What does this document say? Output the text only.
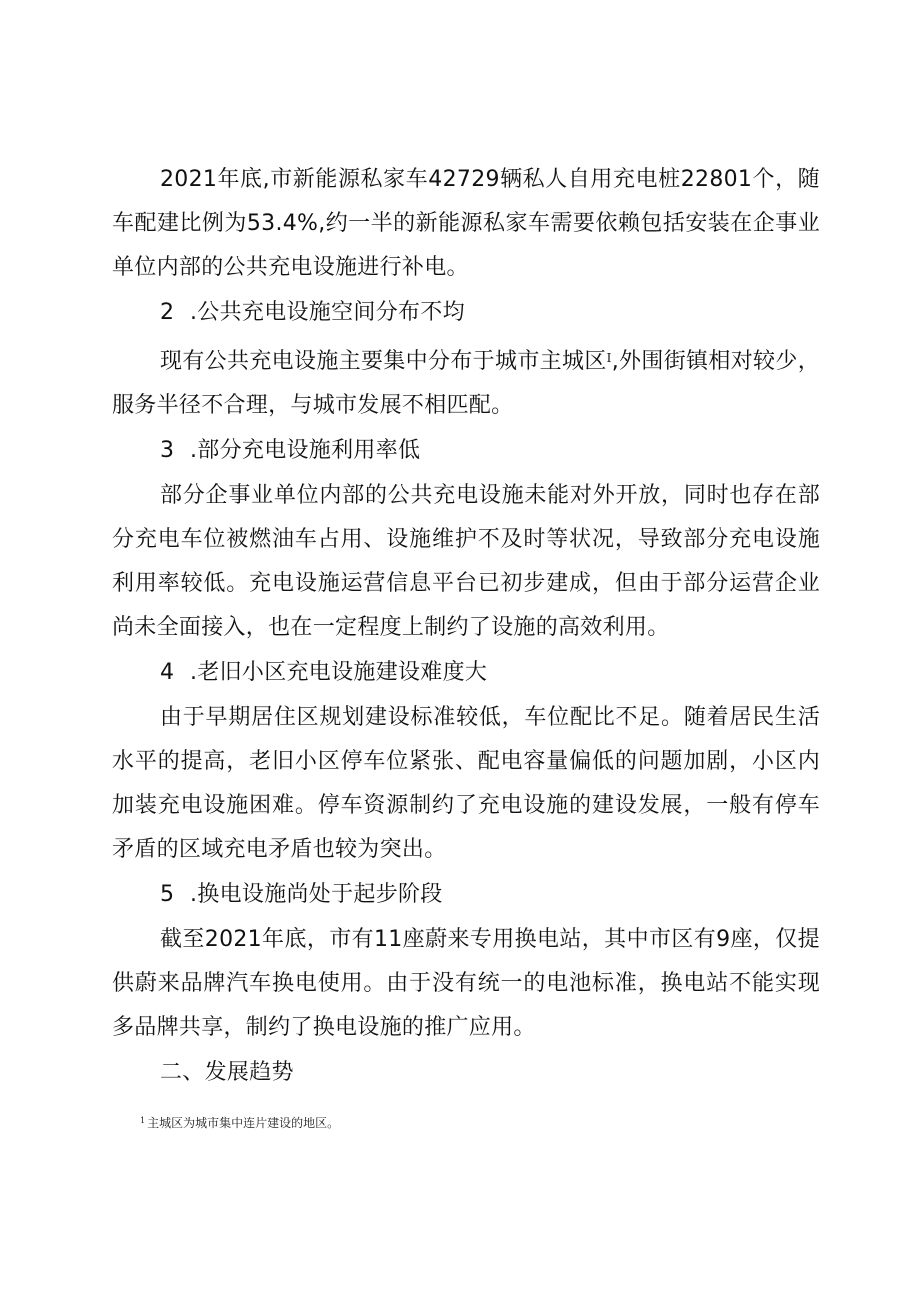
2021年底,市新能源私家车42729辆私人自用充电桩22801个，随车配建比例为53.4%,约一半的新能源私家车需要依赖包括安装在企事业单位内部的公共充电设施进行补电。

2 .公共充电设施空间分布不均

现有公共充电设施主要集中分布于城市主城区$^I$,外围街镇相对较少，服务半径不合理，与城市发展不相匹配。

3 .部分充电设施利用率低

部分企事业单位内部的公共充电设施未能对外开放，同时也存在部分充电车位被燃油车占用、设施维护不及时等状况，导致部分充电设施利用率较低。充电设施运营信息平台已初步建成，但由于部分运营企业尚未全面接入，也在一定程度上制约了设施的高效利用。

4 .老旧小区充电设施建设难度大

由于早期居住区规划建设标准较低，车位配比不足。随着居民生活水平的提高，老旧小区停车位紧张、配电容量偏低的问题加剧，小区内加装充电设施困难。停车资源制约了充电设施的建设发展，一般有停车矛盾的区域充电矛盾也较为突出。

5 .换电设施尚处于起步阶段

截至2021年底，市有11座蔚来专用换电站，其中市区有9座，仅提供蔚来品牌汽车换电使用。由于没有统一的电池标准，换电站不能实现多品牌共享，制约了换电设施的推广应用。

二、发展趋势

$^1$ 主城区为城市集中连片建设的地区。
